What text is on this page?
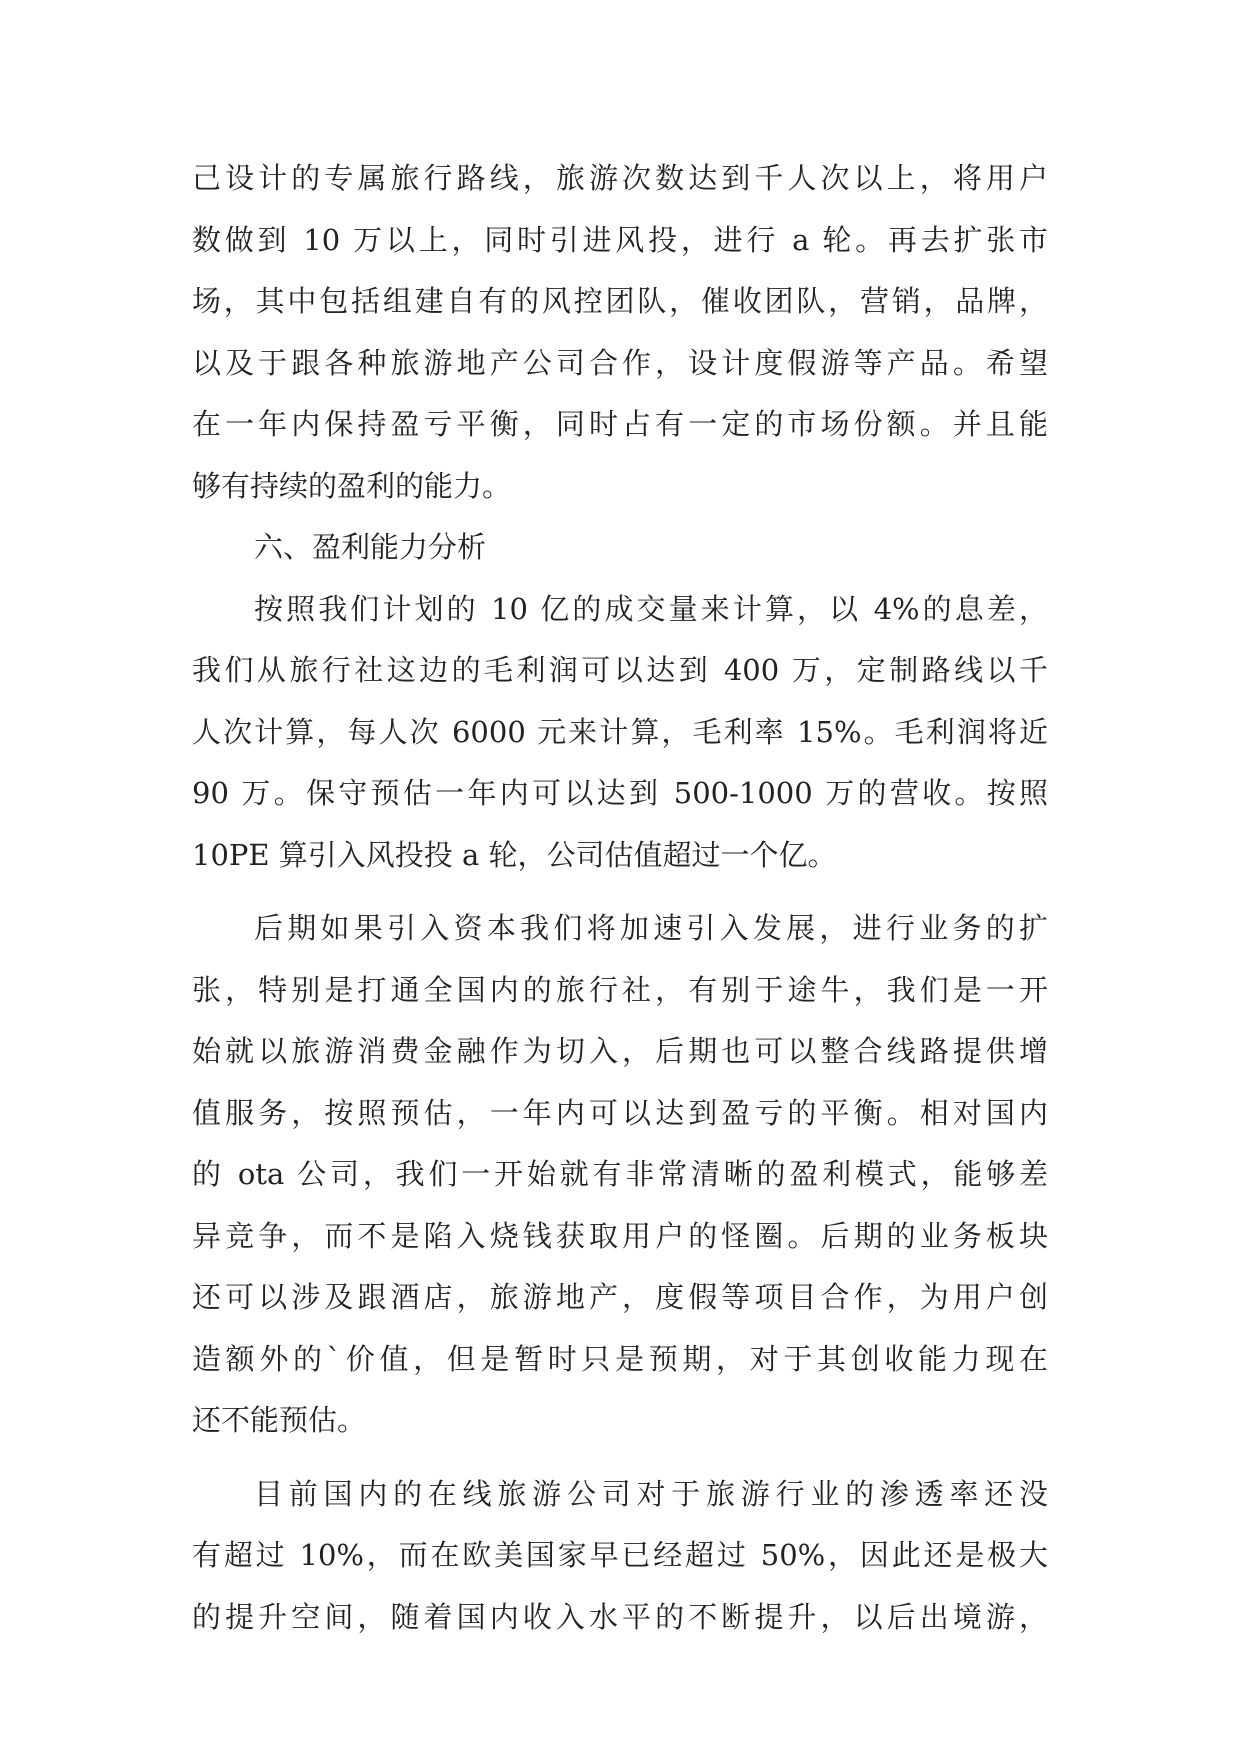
己设计的专属旅行路线，旅游次数达到千人次以上，将用户
数做到 10 万以上，同时引进风投，进行 a 轮。再去扩张市
场，其中包括组建自有的风控团队，催收团队，营销，品牌，
以及于跟各种旅游地产公司合作，设计度假游等产品。希望
在一年内保持盈亏平衡，同时占有一定的市场份额。并且能
够有持续的盈利的能力。
六、盈利能力分析
按照我们计划的 10 亿的成交量来计算，以 4%的息差，
我们从旅行社这边的毛利润可以达到 400 万，定制路线以千
人次计算，每人次 6000 元来计算，毛利率 15%。毛利润将近
90 万。保守预估一年内可以达到 500-1000 万的营收。按照
10PE 算引入风投投 a 轮，公司估值超过一个亿。
后期如果引入资本我们将加速引入发展，进行业务的扩
张，特别是打通全国内的旅行社，有别于途牛，我们是一开
始就以旅游消费金融作为切入，后期也可以整合线路提供增
值服务，按照预估，一年内可以达到盈亏的平衡。相对国内
的 ota 公司，我们一开始就有非常清晰的盈利模式，能够差
异竞争，而不是陷入烧钱获取用户的怪圈。后期的业务板块
还可以涉及跟酒店，旅游地产，度假等项目合作，为用户创
造额外的`价值，但是暂时只是预期，对于其创收能力现在
还不能预估。
目前国内的在线旅游公司对于旅游行业的渗透率还没
有超过 10%，而在欧美国家早已经超过 50%，因此还是极大
的提升空间，随着国内收入水平的不断提升，以后出境游，
